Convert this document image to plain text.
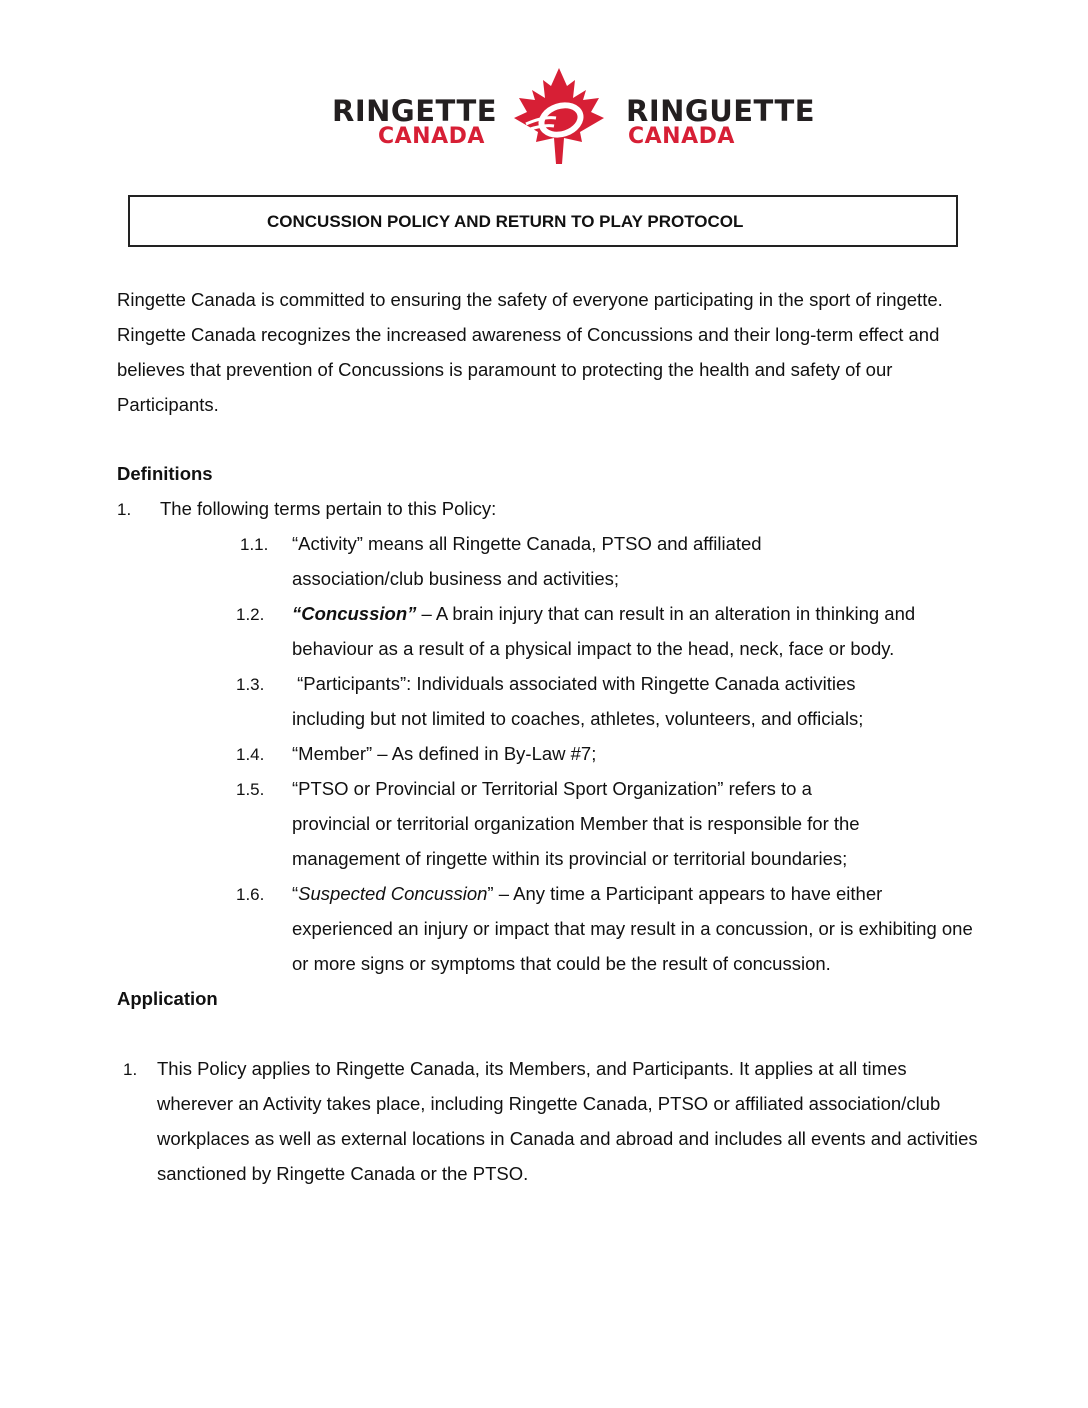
RINGETTE
CANADA
RINGUETTE
CANADA
CONCUSSION POLICY AND RETURN TO PLAY PROTOCOL

Ringette Canada is committed to ensuring the safety of everyone participating in the sport of ringette. Ringette Canada recognizes the increased awareness of Concussions and their long-term effect and believes that prevention of Concussions is paramount to protecting the health and safety of our Participants.

Definitions

1. The following terms pertain to this Policy:
1.1. “Activity” means all Ringette Canada, PTSO and affiliated
association/club business and activities;
1.2. “Concussion” – A brain injury that can result in an alteration in thinking and
behaviour as a result of a physical impact to the head, neck, face or body.
1.3. “Participants”: Individuals associated with Ringette Canada activities
including but not limited to coaches, athletes, volunteers, and officials;
1.4. “Member” – As defined in By-Law #7;
1.5. “PTSO or Provincial or Territorial Sport Organization” refers to a
provincial or territorial organization Member that is responsible for the
management of ringette within its provincial or territorial boundaries;
1.6. “Suspected Concussion” – Any time a Participant appears to have either
experienced an injury or impact that may result in a concussion, or is exhibiting one
or more signs or symptoms that could be the result of concussion.

Application

1. This Policy applies to Ringette Canada, its Members, and Participants. It applies at all times
wherever an Activity takes place, including Ringette Canada, PTSO or affiliated association/club
workplaces as well as external locations in Canada and abroad and includes all events and activities
sanctioned by Ringette Canada or the PTSO.
